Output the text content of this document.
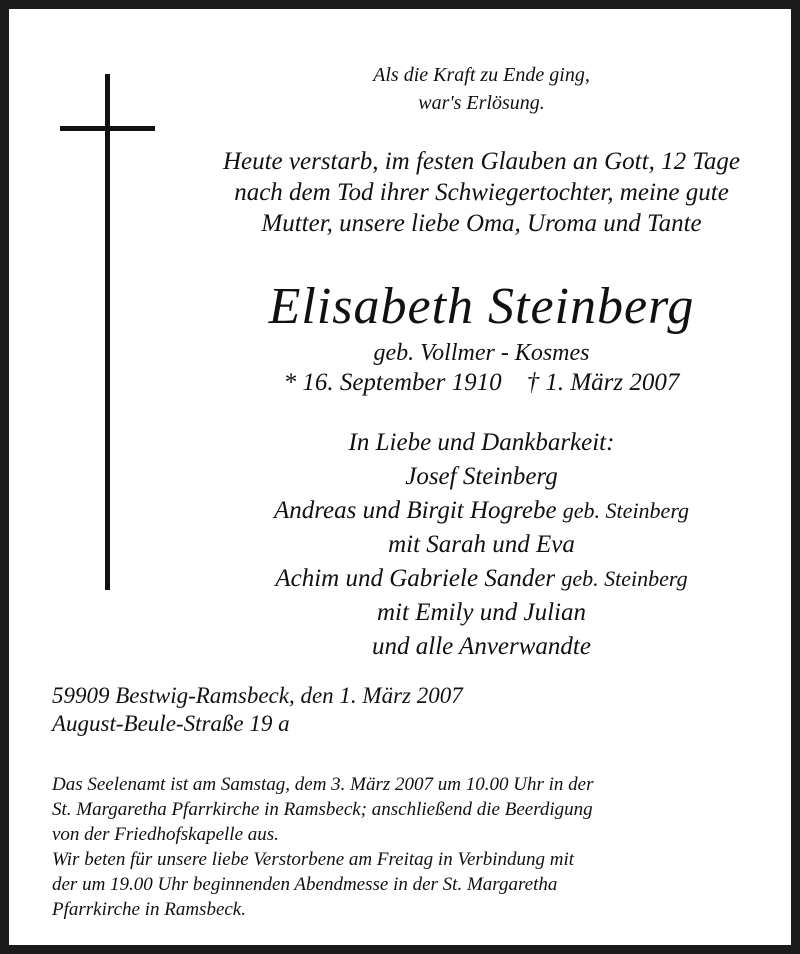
Als die Kraft zu Ende ging,
war's Erlösung.
Heute verstarb, im festen Glauben an Gott, 12 Tage
nach dem Tod ihrer Schwiegertochter, meine gute
Mutter, unsere liebe Oma, Uroma und Tante
Elisabeth Steinberg
geb. Vollmer - Kosmes
* 16. September 1910 † 1. März 2007
In Liebe und Dankbarkeit:
Josef Steinberg
Andreas und Birgit Hogrebe geb. Steinberg
mit Sarah und Eva
Achim und Gabriele Sander geb. Steinberg
mit Emily und Julian
und alle Anverwandte
59909 Bestwig-Ramsbeck, den 1. März 2007
August-Beule-Straße 19 a
Das Seelenamt ist am Samstag, dem 3. März 2007 um 10.00 Uhr in der
St. Margaretha Pfarrkirche in Ramsbeck; anschließend die Beerdigung
von der Friedhofskapelle aus.
Wir beten für unsere liebe Verstorbene am Freitag in Verbindung mit
der um 19.00 Uhr beginnenden Abendmesse in der St. Margaretha
Pfarrkirche in Ramsbeck.
